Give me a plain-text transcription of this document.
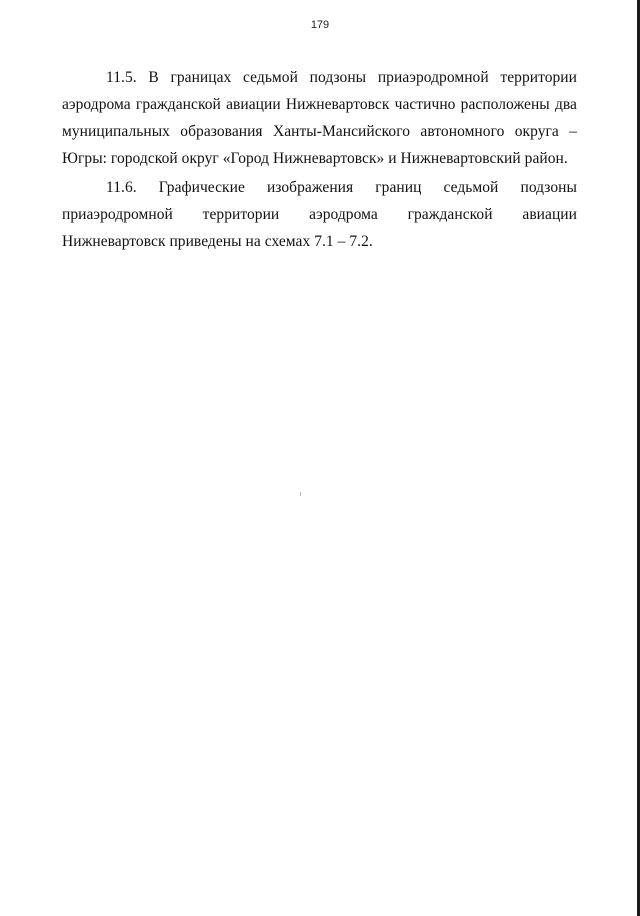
179

11.5. В границах седьмой подзоны приаэродромной территории аэродрома гражданской авиации Нижневартовск частично расположены два муниципальных образования Ханты-Мансийского автономного округа – Югры: городской округ «Город Нижневартовск» и Нижневартовский район.

11.6. Графические изображения границ седьмой подзоны приаэродромной территории аэродрома гражданской авиации Нижневартовск приведены на схемах 7.1 – 7.2.
